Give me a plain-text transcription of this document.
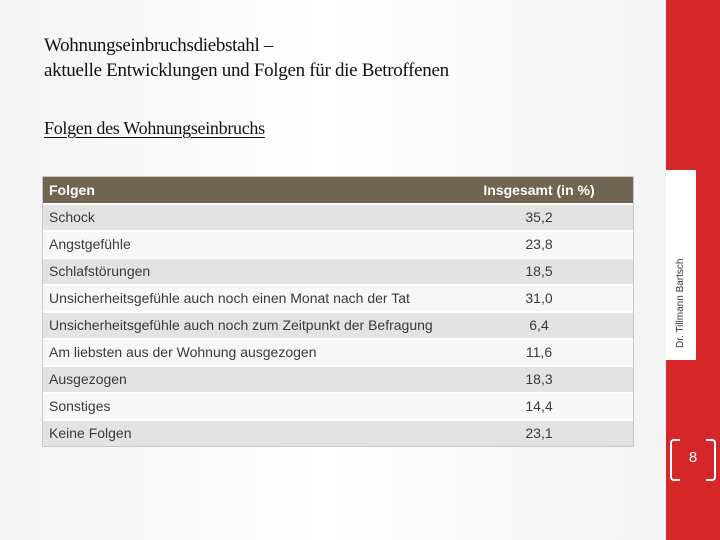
Wohnungseinbruchsdiebstahl –
aktuelle Entwicklungen und Folgen für die Betroffenen
Folgen des Wohnungseinbruchs
Folgen	Insgesamt (in %)
Schock	35,2
Angstgefühle	23,8
Schlafstörungen	18,5
Unsicherheitsgefühle auch noch einen Monat nach der Tat	31,0
Unsicherheitsgefühle auch noch zum Zeitpunkt der Befragung	6,4
Am liebsten aus der Wohnung ausgezogen	11,6
Ausgezogen	18,3
Sonstiges	14,4
Keine Folgen	23,1
Dr. Tillmann Bartsch
8
